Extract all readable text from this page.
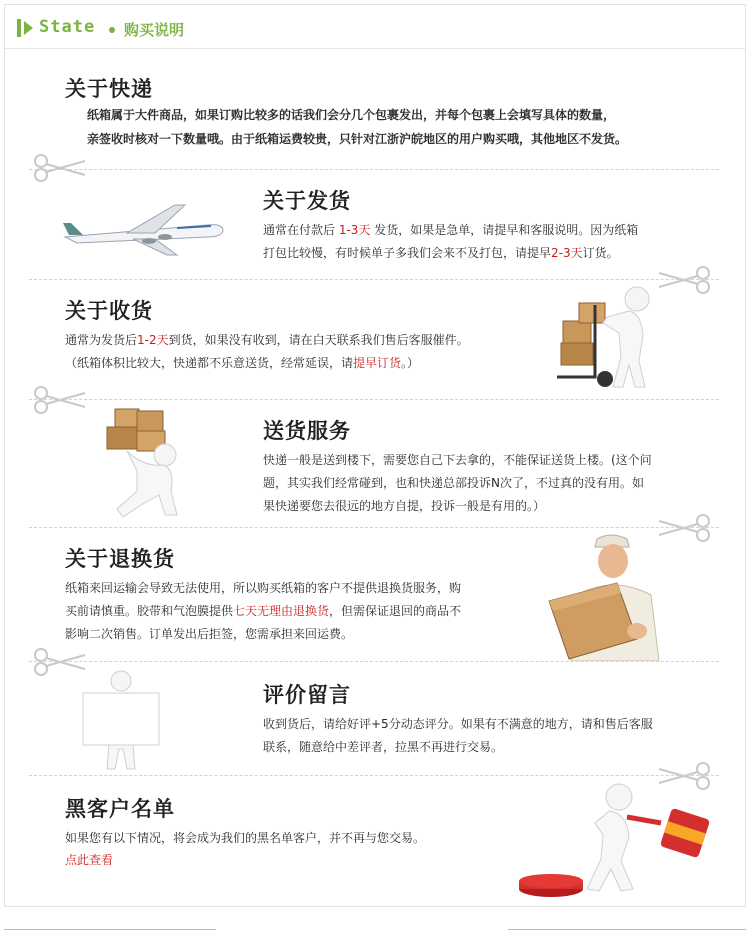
State 购买说明
关于快递
纸箱属于大件商品，如果订购比较多的话我们会分几个包裹发出，并每个包裹上会填写具体的数量，
亲签收时核对一下数量哦。由于纸箱运费较贵，只针对江浙沪皖地区的用户购买哦，其他地区不发货。
关于发货
通常在付款后 1-3天 发货，如果是急单，请提早和客服说明。因为纸箱
打包比较慢，有时候单子多我们会来不及打包，请提早2-3天订货。
关于收货
通常为发货后1-2天到货，如果没有收到，请在白天联系我们售后客服催件。
（纸箱体积比较大，快递都不乐意送货，经常延误，请提早订货。）
送货服务
快递一般是送到楼下，需要您自己下去拿的，不能保证送货上楼。(这个问
题，其实我们经常碰到，也和快递总部投诉N次了，不过真的没有用。如
果快递要您去很远的地方自提，投诉一般是有用的。）
关于退换货
纸箱来回运输会导致无法使用，所以购买纸箱的客户不提供退换货服务，购
买前请慎重。胶带和气泡膜提供七天无理由退换货，但需保证退回的商品不
影响二次销售。订单发出后拒签，您需承担来回运费。
评价留言
收到货后，请给好评+5分动态评分。如果有不满意的地方，请和售后客服
联系，随意给中差评者，拉黑不再进行交易。
黑客户名单
如果您有以下情况，将会成为我们的黑名单客户，并不再与您交易。
点此查看
